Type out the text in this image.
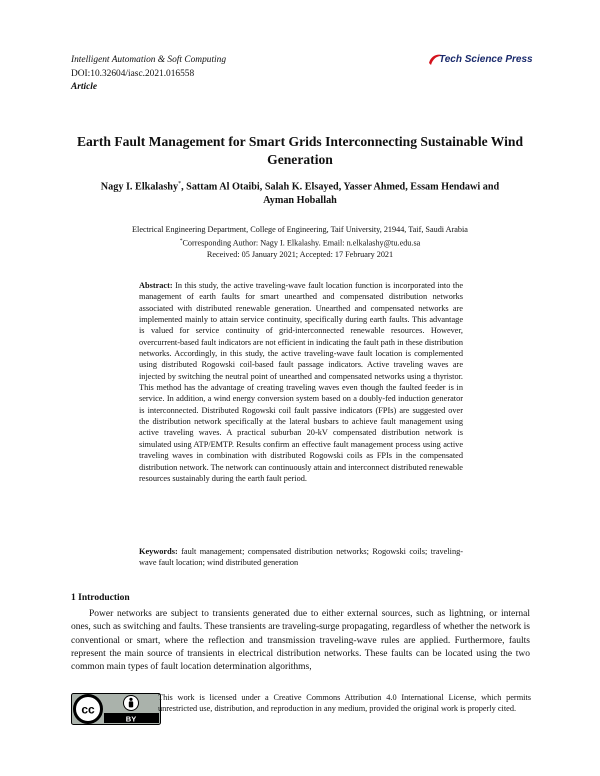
Intelligent Automation & Soft Computing
DOI:10.32604/iasc.2021.016558
Article
Tech Science Press
Earth Fault Management for Smart Grids Interconnecting Sustainable Wind Generation
Nagy I. Elkalashy*, Sattam Al Otaibi, Salah K. Elsayed, Yasser Ahmed, Essam Hendawi and
Ayman Hoballah
Electrical Engineering Department, College of Engineering, Taif University, 21944, Taif, Saudi Arabia
*Corresponding Author: Nagy I. Elkalashy. Email: n.elkalashy@tu.edu.sa
Received: 05 January 2021; Accepted: 17 February 2021
Abstract: In this study, the active traveling-wave fault location function is incorporated into the management of earth faults for smart unearthed and compensated distribution networks associated with distributed renewable generation. Unearthed and compensated networks are implemented mainly to attain service continuity, specifically during earth faults. This advantage is valued for service continuity of grid-interconnected renewable resources. However, overcurrent-based fault indicators are not efficient in indicating the fault path in these distribution networks. Accordingly, in this study, the active traveling-wave fault location is complemented using distributed Rogowski coil-based fault passage indicators. Active traveling waves are injected by switching the neutral point of unearthed and compensated networks using a thyristor. This method has the advantage of creating traveling waves even though the faulted feeder is in service. In addition, a wind energy conversion system based on a doubly-fed induction generator is interconnected. Distributed Rogowski coil fault passive indicators (FPIs) are suggested over the distribution network specifically at the lateral busbars to achieve fault management using active traveling waves. A practical suburban 20-kV compensated distribution network is simulated using ATP/EMTP. Results confirm an effective fault management process using active traveling waves in combination with distributed Rogowski coils as FPIs in the compensated distribution network. The network can continuously attain and interconnect distributed renewable resources sustainably during the earth fault period.
Keywords: fault management; compensated distribution networks; Rogowski coils; traveling-wave fault location; wind distributed generation
1 Introduction
Power networks are subject to transients generated due to either external sources, such as lightning, or internal ones, such as switching and faults. These transients are traveling-surge propagating, regardless of whether the network is conventional or smart, where the reflection and transmission traveling-wave rules are applied. Furthermore, faults represent the main source of transients in electrical distribution networks. These faults can be located using the two common main types of fault location determination algorithms,
cc
BY
This work is licensed under a Creative Commons Attribution 4.0 International License, which permits unrestricted use, distribution, and reproduction in any medium, provided the original work is properly cited.
